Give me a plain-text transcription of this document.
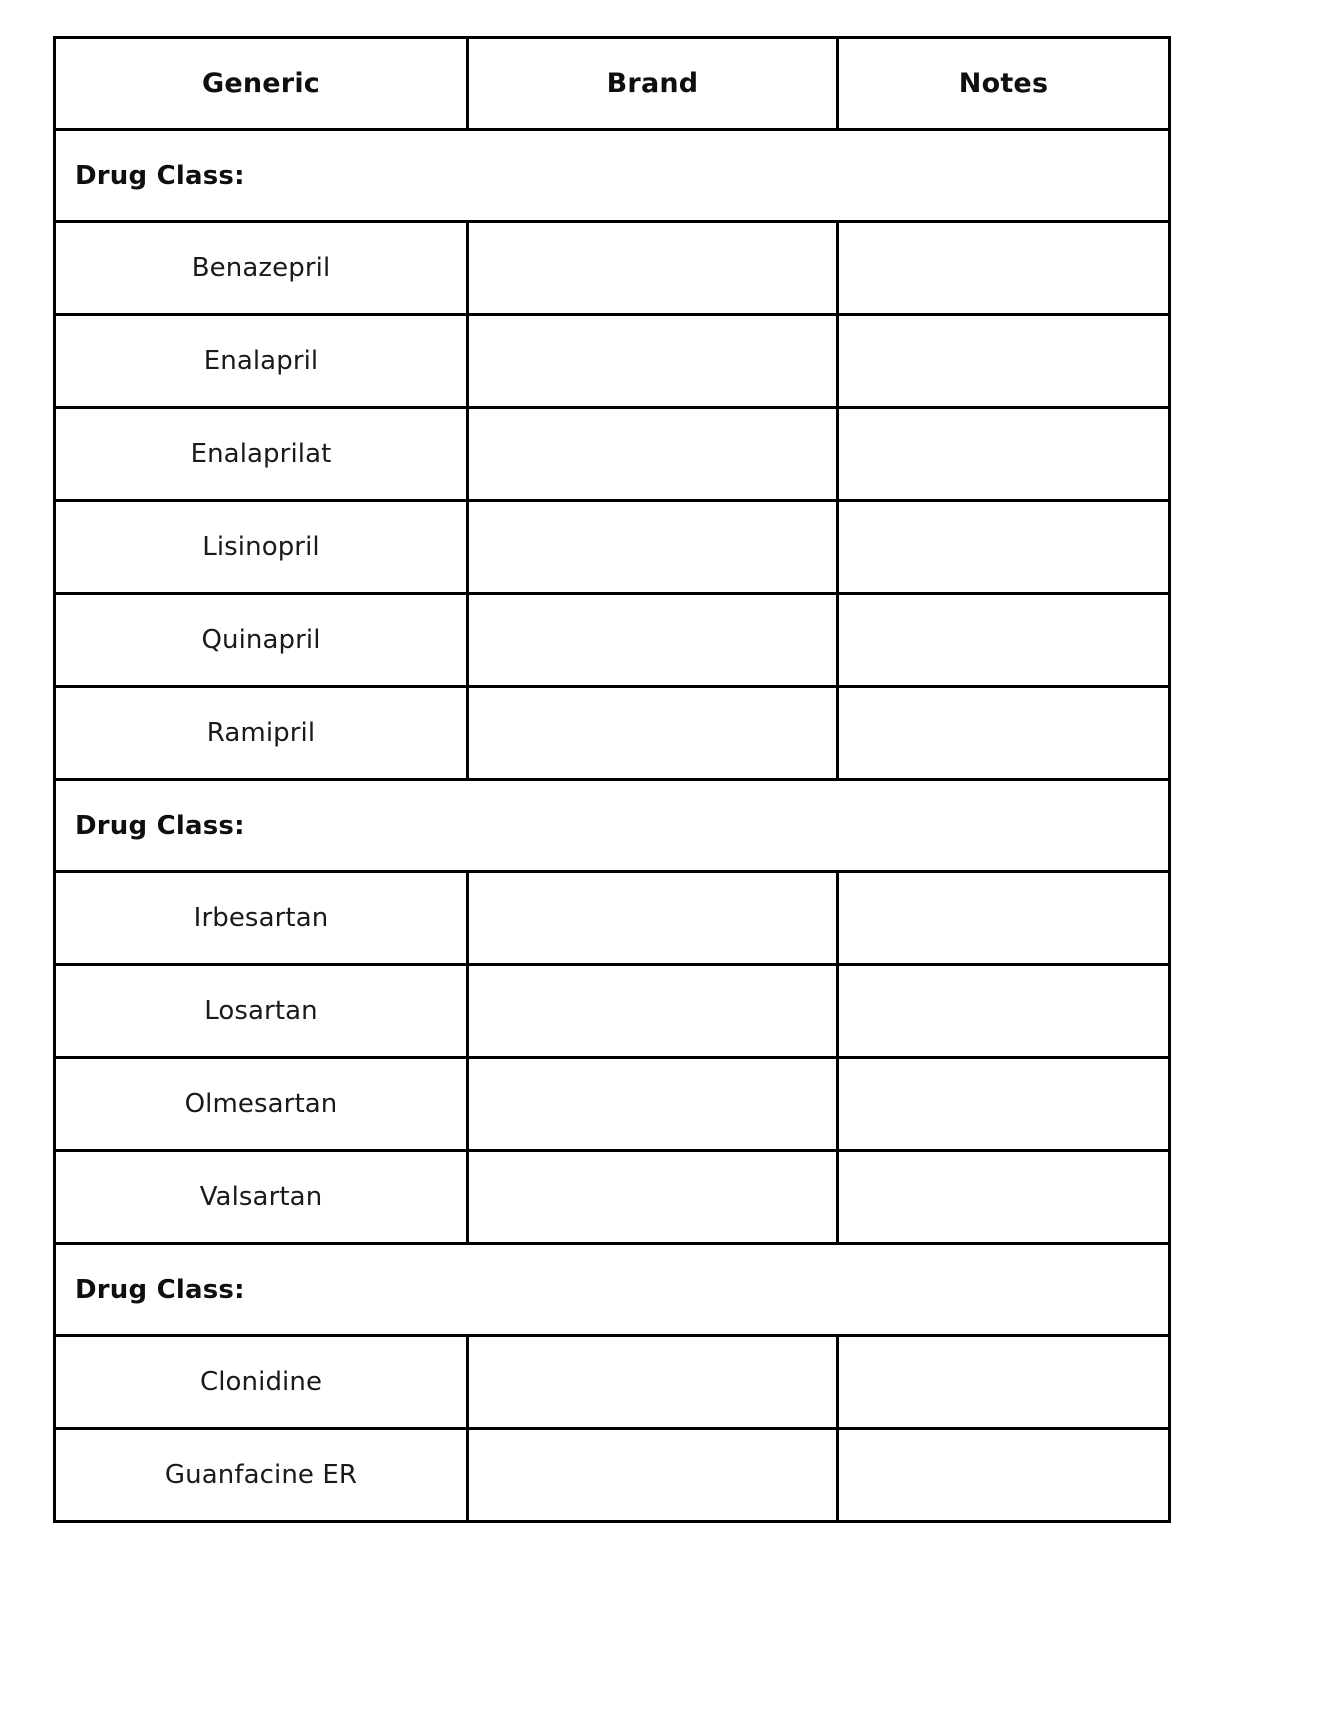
Generic	Brand	Notes
Drug Class:		
Benazepril		
Enalapril		
Enalaprilat		
Lisinopril		
Quinapril		
Ramipril		
Drug Class:		
Irbesartan		
Losartan		
Olmesartan		
Valsartan		
Drug Class:		
Clonidine		
Guanfacine ER		
